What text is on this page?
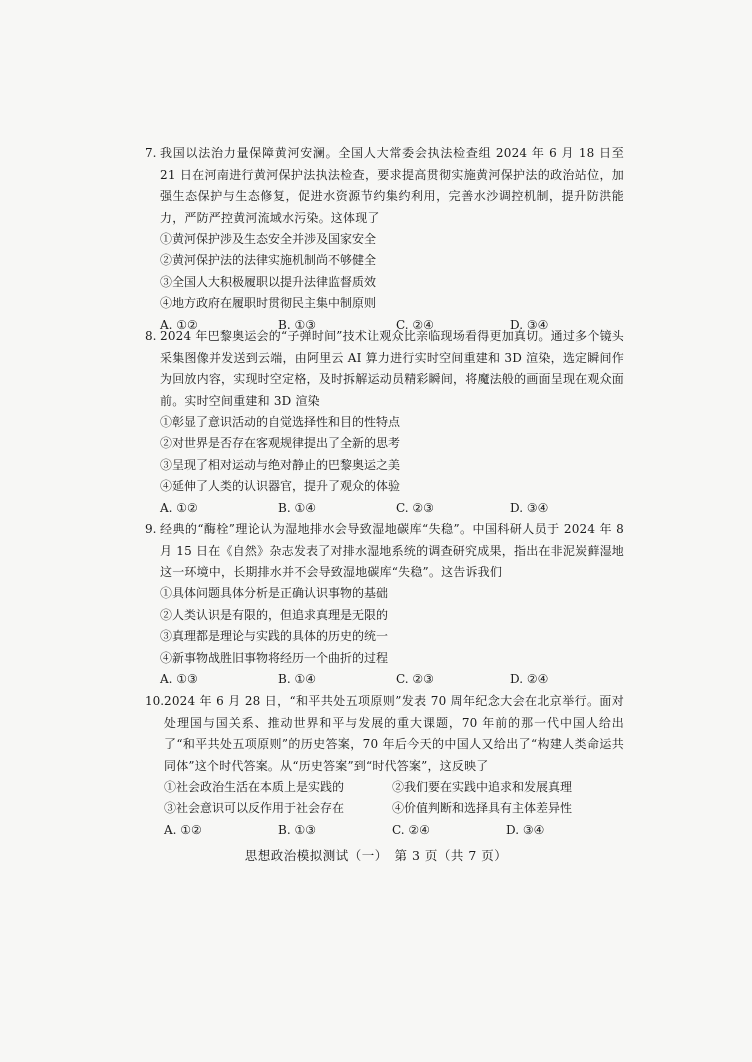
7. 我国以法治力量保障黄河安澜。全国人大常委会执法检查组 2024 年 6 月 18 日至 21 日在河南进行黄河保护法执法检查，要求提高贯彻实施黄河保护法的政治站位，加强生态保护与生态修复，促进水资源节约集约利用，完善水沙调控机制，提升防洪能力，严防严控黄河流域水污染。这体现了

①黄河保护涉及生态安全并涉及国家安全
②黄河保护法的法律实施机制尚不够健全
③全国人大积极履职以提升法律监督质效
④地方政府在履职时贯彻民主集中制原则
A. ①②	B. ①③	C. ②④	D. ③④
8. 2024 年巴黎奥运会的“子弹时间”技术让观众比亲临现场看得更加真切。通过多个镜头采集图像并发送到云端，由阿里云 AI 算力进行实时空间重建和 3D 渲染，选定瞬间作为回放内容，实现时空定格，及时拆解运动员精彩瞬间，将魔法般的画面呈现在观众面前。实时空间重建和 3D 渲染

①彰显了意识活动的自觉选择性和目的性特点
②对世界是否存在客观规律提出了全新的思考
③呈现了相对运动与绝对静止的巴黎奥运之美
④延伸了人类的认识器官，提升了观众的体验
A. ①②	B. ①④	C. ②③	D. ③④
9. 经典的“酶栓”理论认为湿地排水会导致湿地碳库“失稳”。中国科研人员于 2024 年 8 月 15 日在《自然》杂志发表了对排水湿地系统的调查研究成果，指出在非泥炭藓湿地这一环境中，长期排水并不会导致湿地碳库“失稳”。这告诉我们

①具体问题具体分析是正确认识事物的基础
②人类认识是有限的，但追求真理是无限的
③真理都是理论与实践的具体的历史的统一
④新事物战胜旧事物将经历一个曲折的过程
A. ①③	B. ①④	C. ②③	D. ②④
10. 2024 年 6 月 28 日，“和平共处五项原则”发表 70 周年纪念大会在北京举行。面对处理国与国关系、推动世界和平与发展的重大课题，70 年前的那一代中国人给出了“和平共处五项原则”的历史答案，70 年后今天的中国人又给出了“构建人类命运共同体”这个时代答案。从“历史答案”到“时代答案”，这反映了

①社会政治生活在本质上是实践的	②我们要在实践中追求和发展真理
③社会意识可以反作用于社会存在	④价值判断和选择具有主体差异性
A. ①②	B. ①③	C. ②④	D. ③④
思想政治模拟测试（一）　第 3 页（共 7 页）
